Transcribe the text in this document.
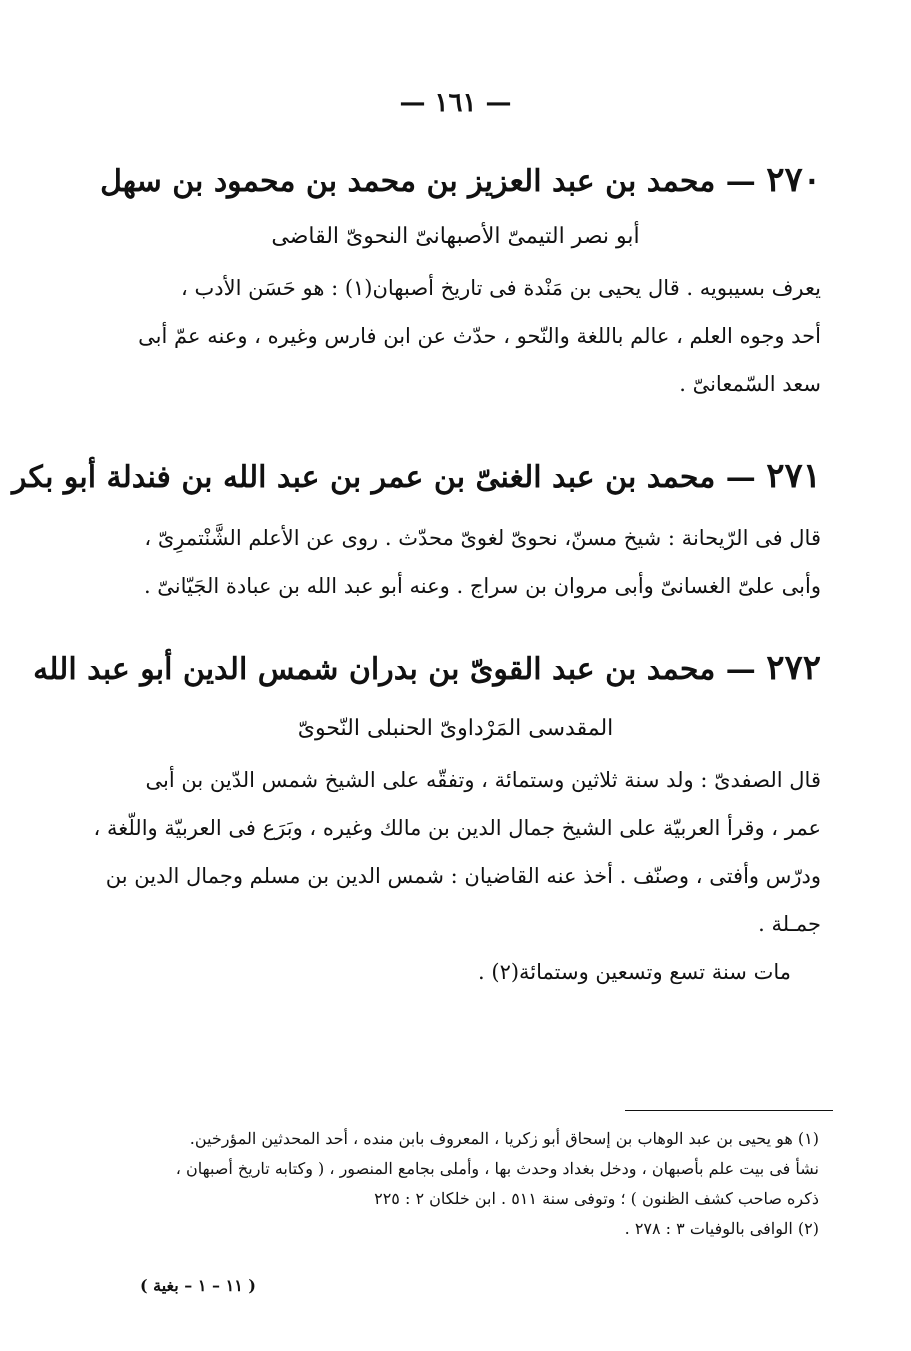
— ١٦١ —
٢٧٠ — محمد بن عبد العزيز بن محمد بن محمود بن سهل
أبو نصر التيمىّ الأصبهانىّ النحوىّ القاضى
يعرف بسيبويه . قال يحيى بن مَنْدة فى تاريخ أصبهان(١) : هو حَسَن الأدب ،
أحد وجوه العلم ، عالم باللغة والنّحو ، حدّث عن ابن فارس وغيره ، وعنه عمّ أبى
سعد السّمعانىّ .
٢٧١ — محمد بن عبد الغنىّ بن عمر بن عبد الله بن فندلة أبو بكر
قال فى الرّيحانة : شيخ مسنّ، نحوىّ لغوىّ محدّث . روى عن الأعلم الشَّنْتمرِىّ ،
وأبى علىّ الغسانىّ وأبى مروان بن سراج . وعنه أبو عبد الله بن عبادة الجَيّانىّ .
٢٧٢ — محمد بن عبد القوىّ بن بدران شمس الدين أبو عبد الله
المقدسى المَرْداوىّ الحنبلى النّحوىّ
قال الصفدىّ : ولد سنة ثلاثين وستمائة ، وتفقّه على الشيخ شمس الدّين بن أبى
عمر ، وقرأ العربيّة على الشيخ جمال الدين بن مالك وغيره ، وبَرَع فى العربيّة واللّغة ،
ودرّس وأفتى ، وصنّف . أخذ عنه القاضيان : شمس الدين بن مسلم وجمال الدين بن
جمـلة .
مات سنة تسع وتسعين وستمائة(٢) .
(١) هو يحيى بن عبد الوهاب بن إسحاق أبو زكريا ، المعروف بابن منده ، أحد المحدثين المؤرخين.
نشأ فى بيت علم بأصبهان ، ودخل بغداد وحدث بها ، وأملى بجامع المنصور ، ( وكتابه تاريخ أصبهان ،
ذكره صاحب كشف الظنون ) ؛ وتوفى سنة ٥١١ . ابن خلكان ٢ : ٢٢٥
(٢) الوافى بالوفيات ٣ : ٢٧٨ .
( ١١ – ١ – بغية )
